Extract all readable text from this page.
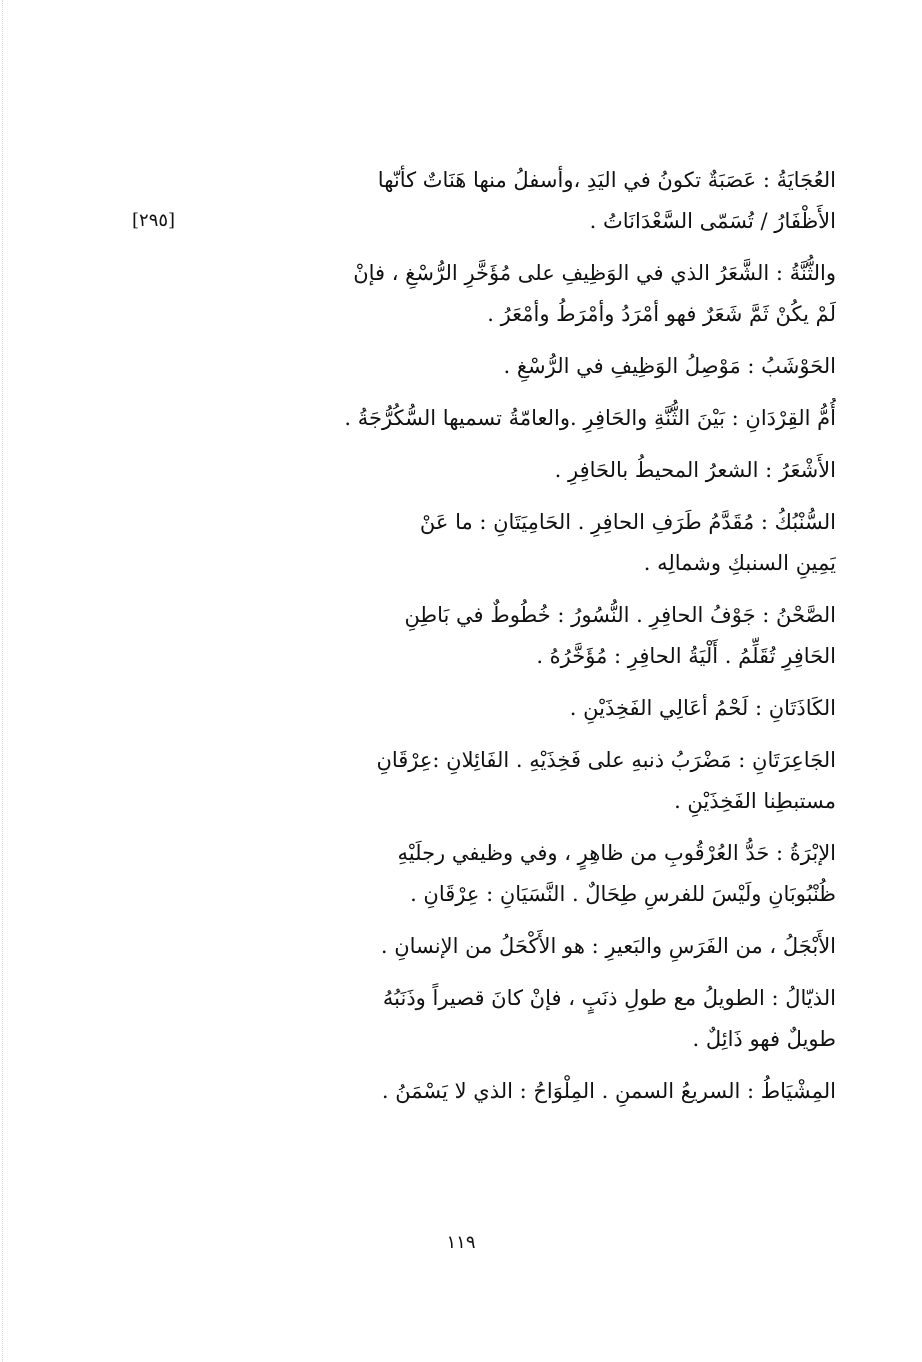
[٢٩٥]

العُجَايَةُ : عَصَبَةٌ تكونُ في اليَدِ ،وأسفلُ منها هَنَاتٌ كأنّها
الأَظْفَارُ / تُسَمّى السَّعْدَانَاتُ .

والثُّنَّةُ : الشَّعَرُ الذي في الوَظِيفِ على مُؤَخَّرِ الرُّسْغِ ، فإنْ
لَمْ يكُنْ ثَمَّ شَعَرٌ فهو أمْرَدُ وأمْرَطُ وأمْعَرُ .

الحَوْشَبُ : مَوْصِلُ الوَظِيفِ في الرُّسْغِ .

أُمُّ القِرْدَانِ : بَيْنَ الثُّنَّةِ والحَافِرِ .والعامّةُ تسميها السُّكُرُّجَةُ .

الأَشْعَرُ : الشعرُ المحيطُ بالحَافِرِ .

السُّنْبُكُ : مُقَدَّمُ طَرَفِ الحافِرِ . الحَامِيَتَانِ : ما عَنْ
يَمِينِ السنبكِ وشمالِه .

الصَّحْنُ : جَوْفُ الحافِرِ . النُّسُورُ : خُطُوطٌ في بَاطِنِ
الحَافِرِ تُقَلِّمُ . أَلْيَةُ الحافِرِ : مُؤَخَّرُهُ .

الكَاذَتَانِ : لَحْمُ أعَالِي الفَخِذَيْنِ .

الجَاعِرَتَانِ : مَضْرَبُ ذنبهِ على فَخِذَيْهِ . الفَائِلانِ :عِرْقَانِ
مستبطِنا الفَخِذَيْنِ .

الإبْرَةُ : حَدُّ العُرْقُوبِ من ظاهِرٍ ، وفي وظيفي رجلَيْهِ
ظُنْبُوبَانِ ولَيْسَ للفرسِ طِحَالٌ . النَّسَيَانِ : عِرْقَانِ .

الأَبْجَلُ ، من الفَرَسِ والبَعيرِ : هو الأَكْحَلُ من الإنسانِ .

الذيّالُ : الطويلُ مع طولِ ذنَبٍ ، فإنْ كانَ قصيراً وذَنَبُهُ
طويلٌ فهو ذَائِلٌ .

المِشْيَاطُ : السريعُ السمنِ . المِلْوَاحُ : الذي لا يَسْمَنُ .

١١٩
